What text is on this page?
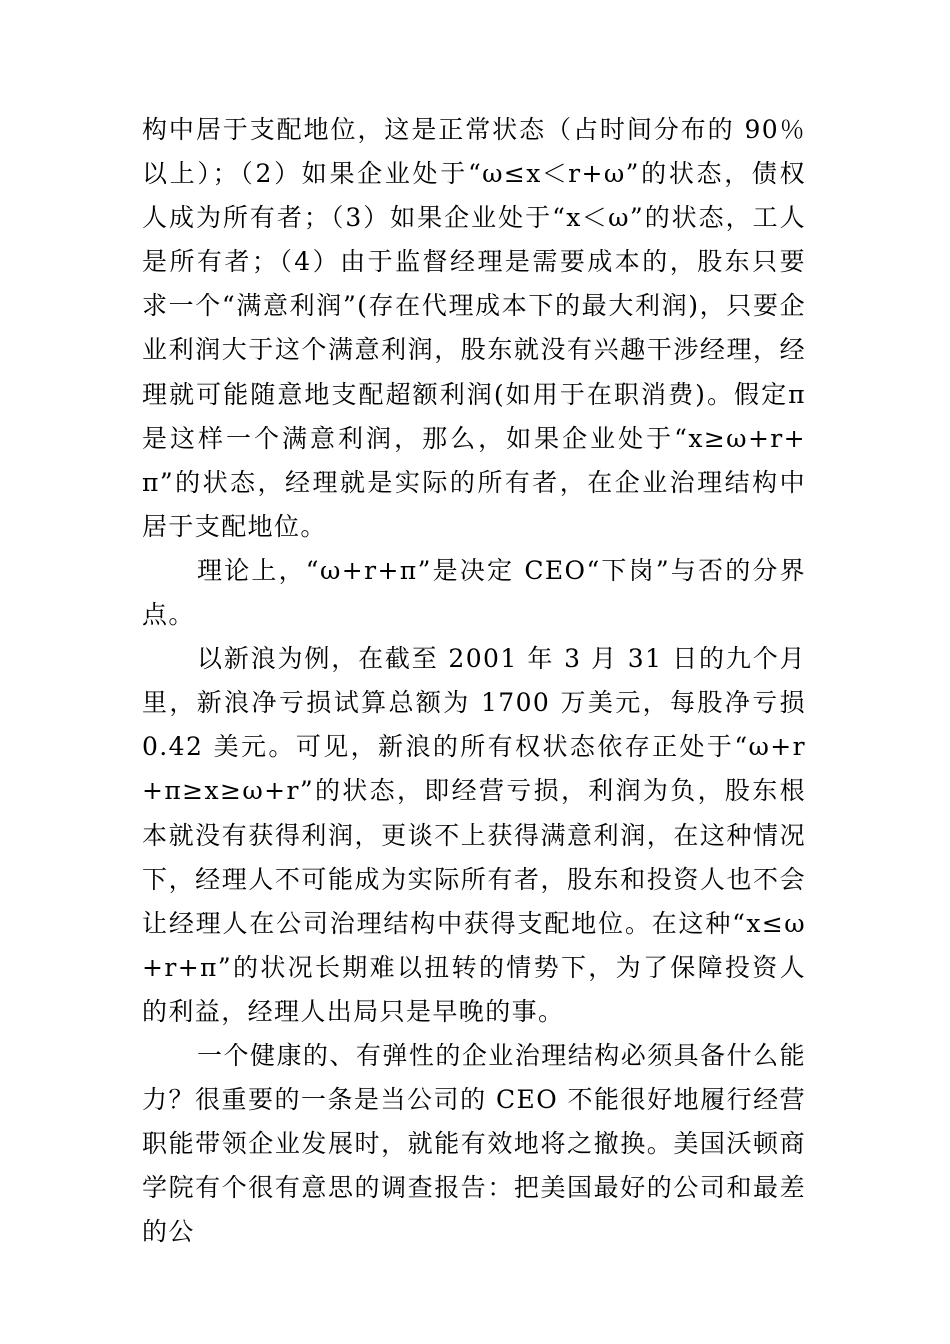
构中居于支配地位，这是正常状态（占时间分布的 90％以上）；（2）如果企业处于“ω≤x＜r+ω”的状态，债权人成为所有者；（3）如果企业处于“x＜ω”的状态，工人是所有者；（4）由于监督经理是需要成本的，股东只要求一个“满意利润”(存在代理成本下的最大利润)，只要企业利润大于这个满意利润，股东就没有兴趣干涉经理，经理就可能随意地支配超额利润(如用于在职消费)。假定π 是这样一个满意利润，那么，如果企业处于“x≥ω+r+π”的状态，经理就是实际的所有者，在企业治理结构中居于支配地位。

理论上，“ω+r+π”是决定 CEO“下岗”与否的分界点。

以新浪为例，在截至 2001 年 3 月 31 日的九个月里，新浪净亏损试算总额为 1700 万美元，每股净亏损 0.42 美元。可见，新浪的所有权状态依存正处于“ω+r+π≥x≥ω+r”的状态，即经营亏损，利润为负，股东根本就没有获得利润，更谈不上获得满意利润，在这种情况下，经理人不可能成为实际所有者，股东和投资人也不会让经理人在公司治理结构中获得支配地位。在这种“x≤ω+r+π”的状况长期难以扭转的情势下，为了保障投资人的利益，经理人出局只是早晚的事。

一个健康的、有弹性的企业治理结构必须具备什么能力？很重要的一条是当公司的 CEO 不能很好地履行经营职能带领企业发展时，就能有效地将之撤换。美国沃顿商学院有个很有意思的调查报告：把美国最好的公司和最差的公
